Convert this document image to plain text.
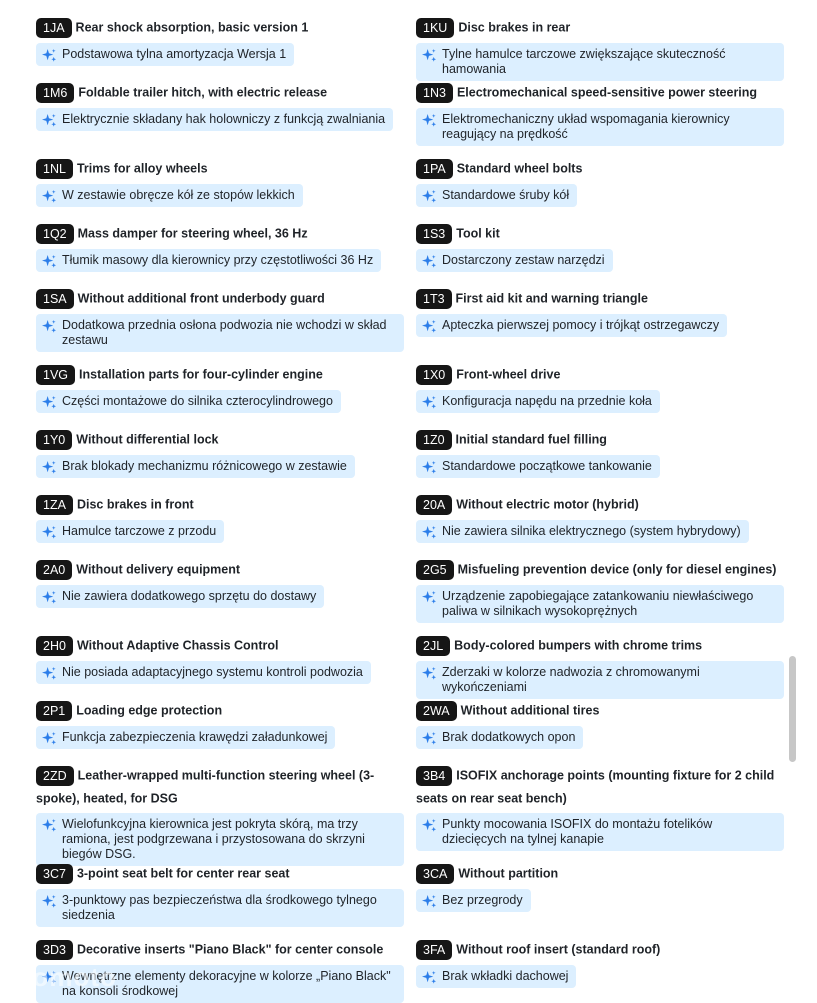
1JA Rear shock absorption, basic version 1
Podstawowa tylna amortyzacja Wersja 1
1M6 Foldable trailer hitch, with electric release
Elektrycznie składany hak holowniczy z funkcją zwalniania
1NL Trims for alloy wheels
W zestawie obręcze kół ze stopów lekkich
1Q2 Mass damper for steering wheel, 36 Hz
Tłumik masowy dla kierownicy przy częstotliwości 36 Hz
1SA Without additional front underbody guard
Dodatkowa przednia osłona podwozia nie wchodzi w skład zestawu
1VG Installation parts for four-cylinder engine
Części montażowe do silnika czterocylindrowego
1Y0 Without differential lock
Brak blokady mechanizmu różnicowego w zestawie
1ZA Disc brakes in front
Hamulce tarczowe z przodu
2A0 Without delivery equipment
Nie zawiera dodatkowego sprzętu do dostawy
2H0 Without Adaptive Chassis Control
Nie posiada adaptacyjnego systemu kontroli podwozia
2P1 Loading edge protection
Funkcja zabezpieczenia krawędzi załadunkowej
2ZD Leather-wrapped multi-function steering wheel (3-spoke), heated, for DSG
Wielofunkcyjna kierownica jest pokryta skórą, ma trzy ramiona, jest podgrzewana i przystosowana do skrzyni biegów DSG.
3C7 3-point seat belt for center rear seat
3-punktowy pas bezpieczeństwa dla środkowego tylnego siedzenia
3D3 Decorative inserts "Piano Black" for center console
Wewnętrzne elementy dekoracyjne w kolorze „Piano Black" na konsoli środkowej
1KU Disc brakes in rear
Tylne hamulce tarczowe zwiększające skuteczność hamowania
1N3 Electromechanical speed-sensitive power steering
Elektromechaniczny układ wspomagania kierownicy reagujący na prędkość
1PA Standard wheel bolts
Standardowe śruby kół
1S3 Tool kit
Dostarczony zestaw narzędzi
1T3 First aid kit and warning triangle
Apteczka pierwszej pomocy i trójkąt ostrzegawczy
1X0 Front-wheel drive
Konfiguracja napędu na przednie koła
1Z0 Initial standard fuel filling
Standardowe początkowe tankowanie
20A Without electric motor (hybrid)
Nie zawiera silnika elektrycznego (system hybrydowy)
2G5 Misfueling prevention device (only for diesel engines)
Urządzenie zapobiegające zatankowaniu niewłaściwego paliwa w silnikach wysokoprężnych
2JL Body-colored bumpers with chrome trims
Zderzaki w kolorze nadwozia z chromowanymi wykończeniami
2WA Without additional tires
Brak dodatkowych opon
3B4 ISOFIX anchorage points (mounting fixture for 2 child seats on rear seat bench)
Punkty mocowania ISOFIX do montażu fotelików dziecięcych na tylnej kanapie
3CA Without partition
Bez przegrody
3FA Without roof insert (standard roof)
Brak wkładki dachowej
otomoto
